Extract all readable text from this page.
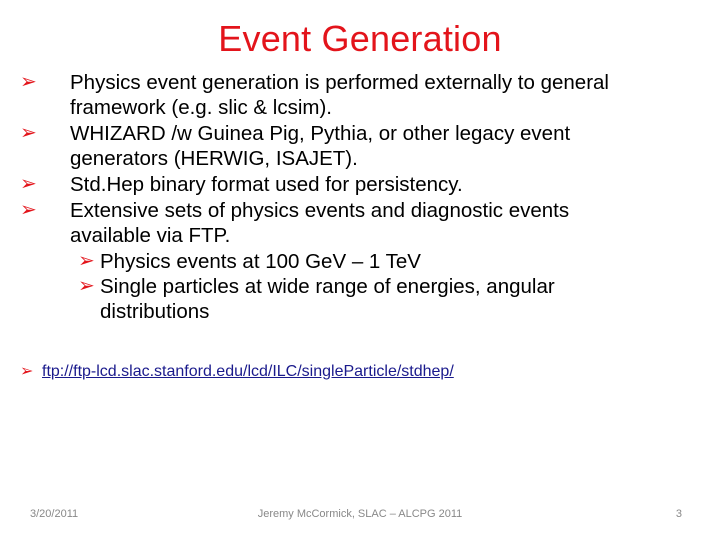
Event Generation
➢ Physics event generation is performed externally to general
framework (e.g. slic & lcsim).
➢ WHIZARD /w Guinea Pig, Pythia, or other legacy event
generators (HERWIG, ISAJET).
➢ Std.Hep binary format used for persistency.
➢ Extensive sets of physics events and diagnostic events
available via FTP.
➢ Physics events at 100 GeV – 1 TeV
➢ Single particles at wide range of energies, angular
distributions
➢ ftp://ftp-lcd.slac.stanford.edu/lcd/ILC/singleParticle/stdhep/
3/20/2011	Jeremy McCormick, SLAC – ALCPG 2011	3
